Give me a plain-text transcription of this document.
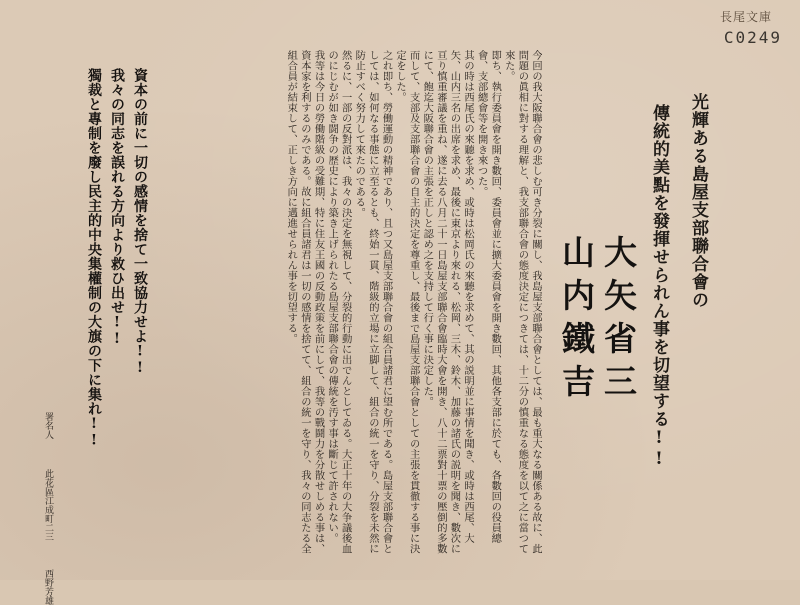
長尾文庫
C0249
光輝ある島屋支部聯合會の
傳統的美點を發揮せられん事を切望する!!
大矢省三
山内鐵吉

今回の我大阪聯合會の悲しむ可き分裂に關し、我島屋支部聯合會としては、最も重大なる關係ある故に、此問題の眞相に對する理解と、我支部聯合會の態度決定につきては、十二分の慎重なる態度を以て之に當つて來た。

即ち、執行委員會を開き數回、委員會並に擴大委員會を開き數回、其他各支部に於ても、各數回の役員總會、支部總會等を開き來つた。

其の時は西尾氏の來聽を求め、或時は松岡氏の來聽を求めて、其の説明並に事情を聞き、或時は西尾、大矢、山内三名の出席を求め、最後に東京より來れる、松岡、三木、鈴木、加藤の諸氏の説明を聞き、數次に亘り慎重審議を重ね、遂に去る八月二十一日島屋支部聯合會臨時大會を開き、八十二票對十票の壓倒的多數にて、飽迄大阪聯合會の主張を正しと認め之を支持して行く事に決定した。

而して、支部及支部聯合會の自主的決定を尊重し、最後まで島屋支部聯合會としての主張を貫徹する事に決定をした。

之れ即ち、勞働運動の精神であり、且つ又島屋支部聯合會の組合員諸君に望む所である。島屋支部聯合會としては、如何なる事態に立至るとも、終始一貫、階級的立場に立脚して、組合の統一を守り、分裂を未然に防止すべく努力して來たのである。

然るに、一部の反對派は、我々の決定を無視して、分裂的行動に出でんとしてゐる。大正十年の大争議後血のにじむが如き闘争の歴史により築き上げられたる島屋支部聯合會の傳統を汚す事は斷じて許されない。

我等は今日の勞働階級の受難期、特に住友王國の反動政策を前にして、我等の戰鬪力を分散せしめる事は、資本家を利するのみである。故に組合員諸君は一切の感情を捨てて、組合の統一を守り、我々の同志たる全組合員が結束して、正しき方向に邁進せられん事を切望する。

資本の前に一切の感情を捨て一致協力せよ!!
我々の同志を誤れる方向より救ひ出せ!!
獨裁と專制を廢し民主的中央集權制の大旗の下に集れ!!
署名人  此花區江成町二三  西野芳雄
